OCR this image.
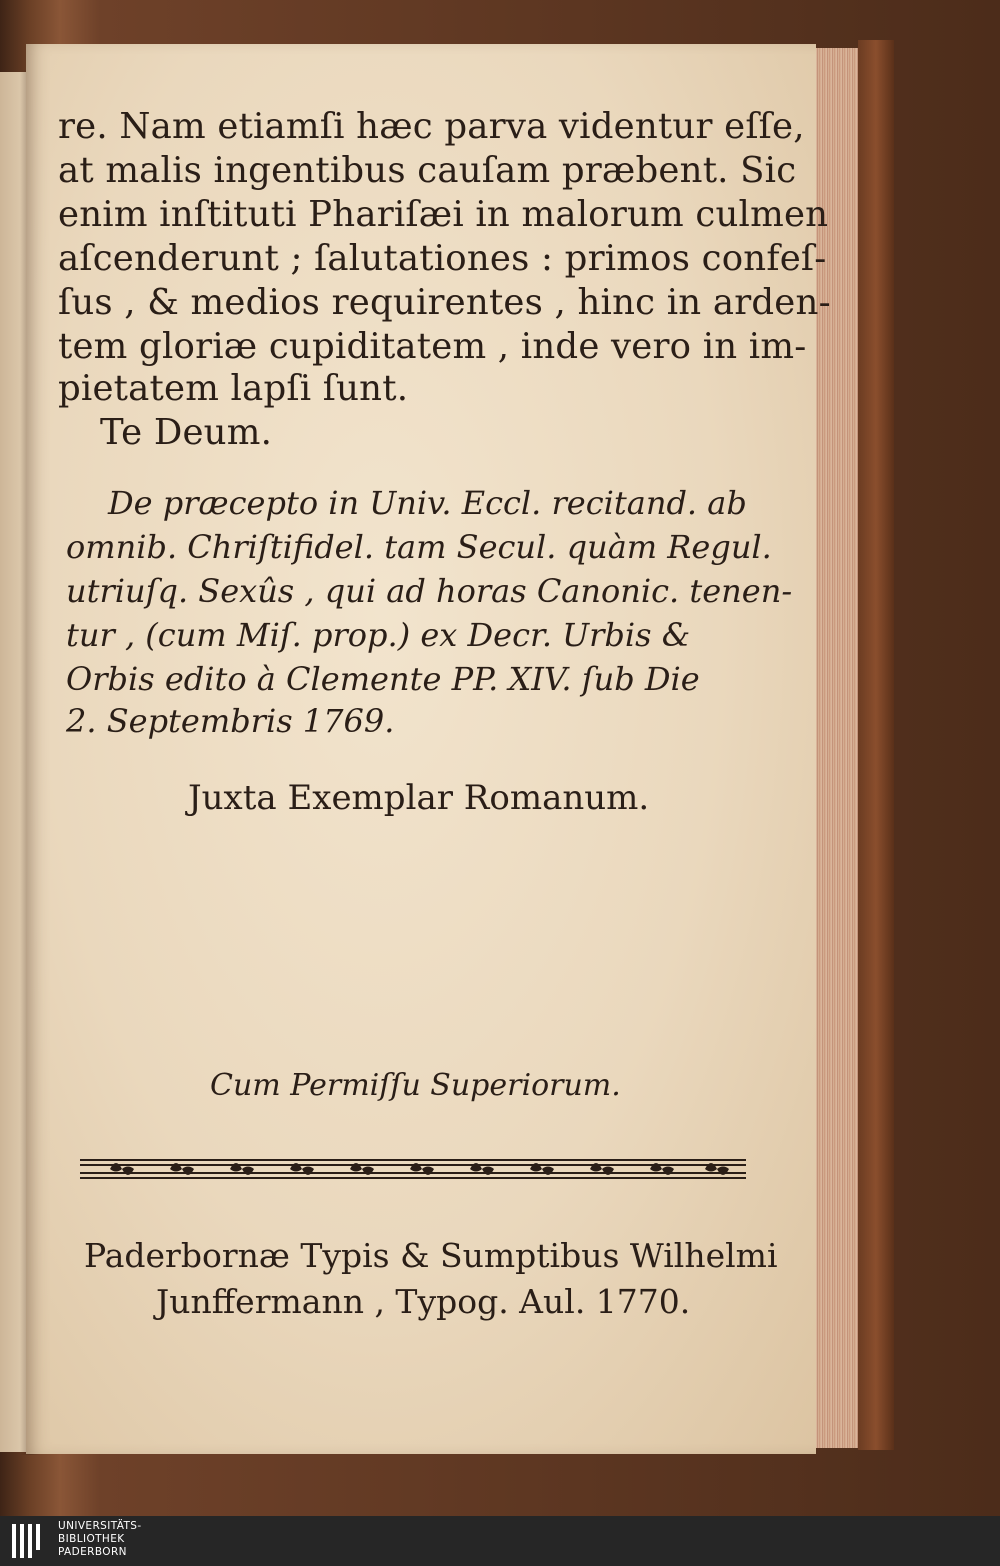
re. Nam etiamſi hæc parva videntur eſſe,
at malis ingentibus cauſam præbent. Sic
enim inſtituti Phariſæi in malorum culmen
aſcenderunt ; ſalutationes : primos confeſ-
ſus , & medios requirentes , hinc in arden-
tem gloriæ cupiditatem , inde vero in im-
pietatem lapſi ſunt.
Te Deum.
De præcepto in Univ. Eccl. recitand. ab
omnib. Chriſtifidel. tam Secul. quàm Regul.
utriuſq. Sexûs , qui ad horas Canonic. tenen-
tur , (cum Miſ. prop.) ex Decr. Urbis &
Orbis edito à Clemente PP. XIV. ſub Die
2. Septembris 1769.
Juxta Exemplar Romanum.
Cum Permiſſu Superiorum.
Paderbornæ Typis & Sumptibus Wilhelmi
Junffermann , Typog. Aul. 1770.
UNIVERSITÄTS-
BIBLIOTHEK
PADERBORN
